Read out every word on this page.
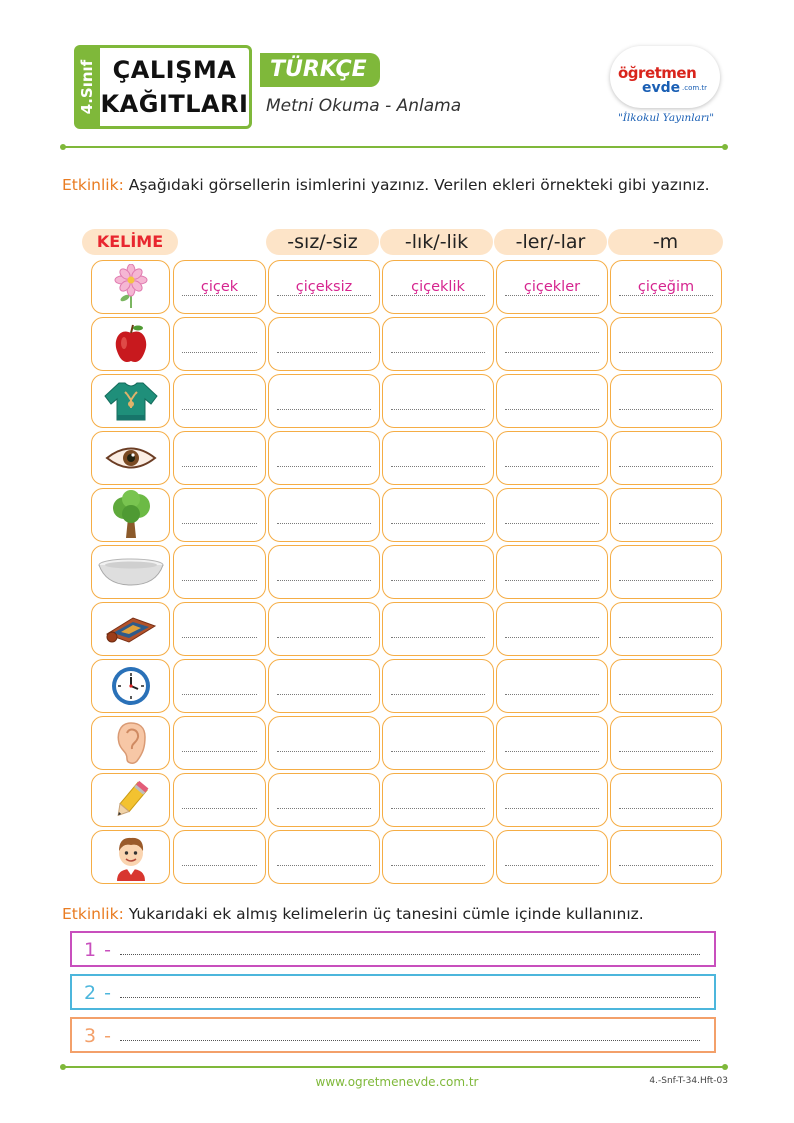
4.Sınıf ÇALIŞMA
KAĞITLARI
TÜRKÇE
Metni Okuma - Anlama
öğretmen
evde .com.tr
"İlkokul Yayınları"
Etkinlik: Aşağıdaki görsellerin isimlerini yazınız. Verilen ekleri örnekteki gibi yazınız.
KELİME	-sız/-siz	-lık/-lik	-ler/-lar	-m
çiçek	çiçeksiz	çiçeklik	çiçekler	çiçeğim
Etkinlik: Yukarıdaki ek almış kelimelerin üç tanesini cümle içinde kullanınız.
1 -
2 -
3 -
www.ogretmenevde.com.tr	4.-Snf-T-34.Hft-03
